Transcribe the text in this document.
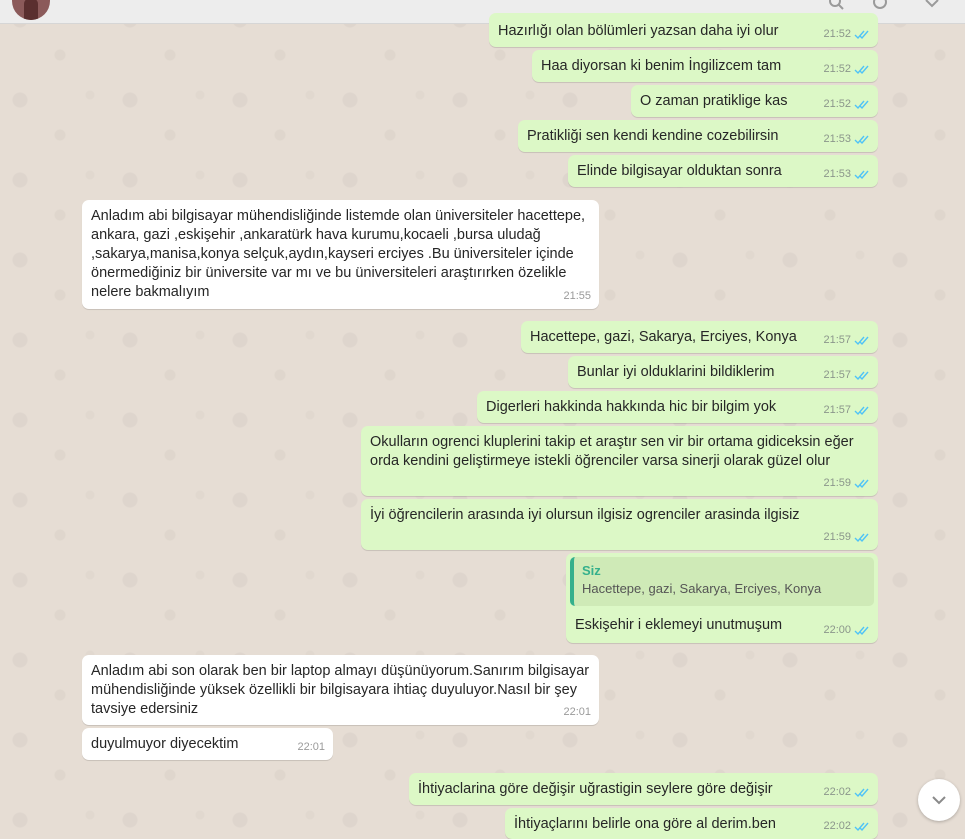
Hazırlığı olan bölümleri yazsan daha iyi olur	21:52
Haa diyorsan ki benim İngilizcem tam	21:52
O zaman pratiklige kas	21:52
Pratikliği sen kendi kendine cozebilirsin	21:53
Elinde bilgisayar olduktan sonra	21:53
Anladım abi bilgisayar mühendisliğinde listemde olan üniversiteler hacettepe, ankara, gazi ,eskişehir ,ankaratürk hava kurumu,kocaeli ,bursa uludağ ,sakarya,manisa,konya selçuk,aydın,kayseri erciyes .Bu üniversiteler içinde önermediğiniz bir üniversite var mı ve bu üniversiteleri araştırırken özelikle nelere bakmalıyım	21:55
Hacettepe, gazi, Sakarya, Erciyes, Konya	21:57
Bunlar iyi olduklarini bildiklerim	21:57
Digerleri hakkinda hakkında hic bir bilgim yok	21:57
Okulların ogrenci kluplerini takip et araştır sen vir bir ortama gidiceksin eğer orda kendini geliştirmeye istekli öğrenciler varsa sinerji olarak güzel olur
21:59
İyi öğrencilerin arasında iyi olursun ilgisiz ogrenciler arasinda ilgisiz
21:59
Siz
Hacettepe, gazi, Sakarya, Erciyes, Konya
Eskişehir i eklemeyi unutmuşum	22:00
Anladım abi son olarak ben bir laptop almayı düşünüyorum.Sanırım bilgisayar mühendisliğinde yüksek özellikli bir bilgisayara ihtiaç duyuluyor.Nasıl bir şey tavsiye edersiniz	22:01
duyulmuyor diyecektim	22:01
İhtiyaclarina göre değişir uğrastigin seylere göre değişir	22:02
İhtiyaçlarını belirle ona göre al derim.ben	22:02
